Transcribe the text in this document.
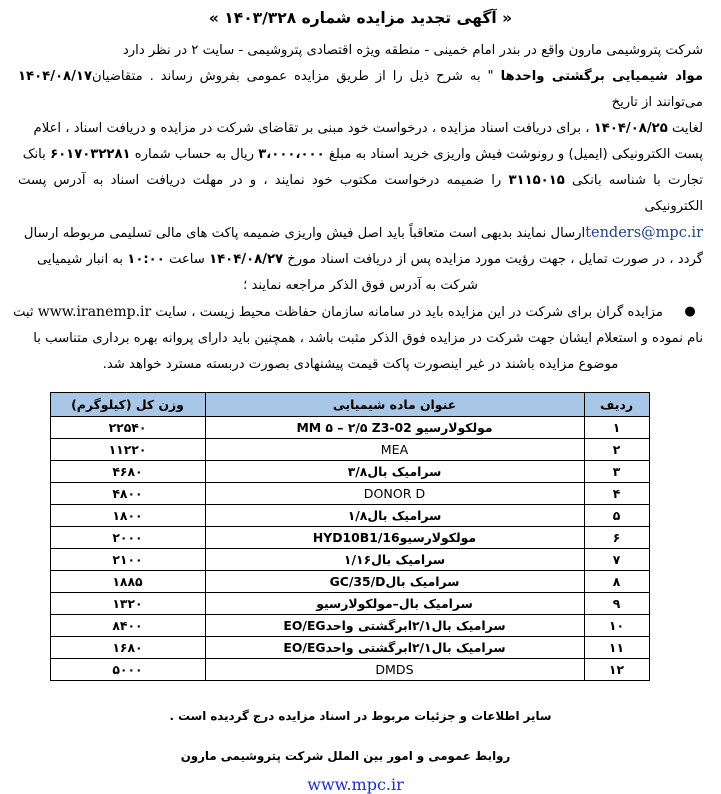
« آگهی تجدید مزایده شماره ۱۴۰۳/۳۲۸ »
شرکت پتروشیمی مارون واقع در بندر امام خمینی - منطقه ویژه اقتصادی پتروشیمی - سایت ۲ در نظر دارد
مواد شیمیایی برگشتی واحدها " به شرح ذیل را از طریق مزایده عمومی بفروش رساند . متقاضیان می‌توانند از تاریخ
۱۴۰۴/۰۸/۱۷
لغایت ۱۴۰۴/۰۸/۲۵ ، برای دریافت اسناد مزایده ، درخواست خود مبنی بر تقاضای شرکت در مزایده و دریافت اسناد ، اعلام
پست الکترونیکی (ایمیل) و رونوشت فیش واریزی خرید اسناد به مبلغ ۳،۰۰۰،۰۰۰ ریال به حساب شماره ۶۰۱۷۰۳۲۲۸۱ بانک
تجارت با شناسه بانکی ۳۱۱۵۰۱۵ را ضمیمه درخواست مکتوب خود نمایند ، و در مهلت دریافت اسناد به آدرس پست الکترونیکی
tenders@mpc.irارسال نمایند بدیهی است متعاقباً باید اصل فیش واریزی ضمیمه پاکت های مالی تسلیمی مربوطه ارسال
گردد ، در صورت تمایل ، جهت رؤیت مورد مزایده پس از دریافت اسناد مورخ ۱۴۰۴/۰۸/۲۷ ساعت ۱۰:۰۰ به انبار شیمیایی
شرکت به آدرس فوق الذکر مراجعه نمایند ؛
●مزایده گران برای شرکت در این مزایده باید در سامانه سازمان حفاظت محیط زیست ، سایت www.iranemp.ir ثبت
نام نموده و استعلام ایشان جهت شرکت در مزایده فوق الذکر مثبت باشد ، همچنین باید دارای پروانه بهره برداری متناسب با
موضوع مزایده باشند در غیر اینصورت پاکت قیمت پیشنهادی بصورت دربسته مسترد خواهد شد.
ردیف	عنوان ماده شیمیایی	وزن کل (کیلوگرم)
۱	مولکولارسیو MM ۵ – ۲/۵ Z3-02	۲۲۵۴۰
۲	MEA	۱۱۲۲۰
۳	سرامیک بال۳/۸	۴۶۸۰
۴	DONOR D	۴۸۰۰
۵	سرامیک بال۱/۸	۱۸۰۰
۶	مولکولارسیوHYD10B1/16	۲۰۰۰
۷	سرامیک بال۱/۱۶	۲۱۰۰
۸	سرامیک بالGC/35/D	۱۸۸۵
۹	سرامیک بال–مولکولارسیو	۱۳۲۰
۱۰	سرامیک بال۲/۱ابرگشتی واحدEO/EG	۸۴۰۰
۱۱	سرامیک بال۲/۱ابرگشتی واحدEO/EG	۱۶۸۰
۱۲	DMDS	۵۰۰۰
سایر اطلاعات و جزئیات مربوط در اسناد مزایده درج گردیده است .
روابط عمومی و امور بین الملل شرکت پتروشیمی مارون
www.mpc.ir
